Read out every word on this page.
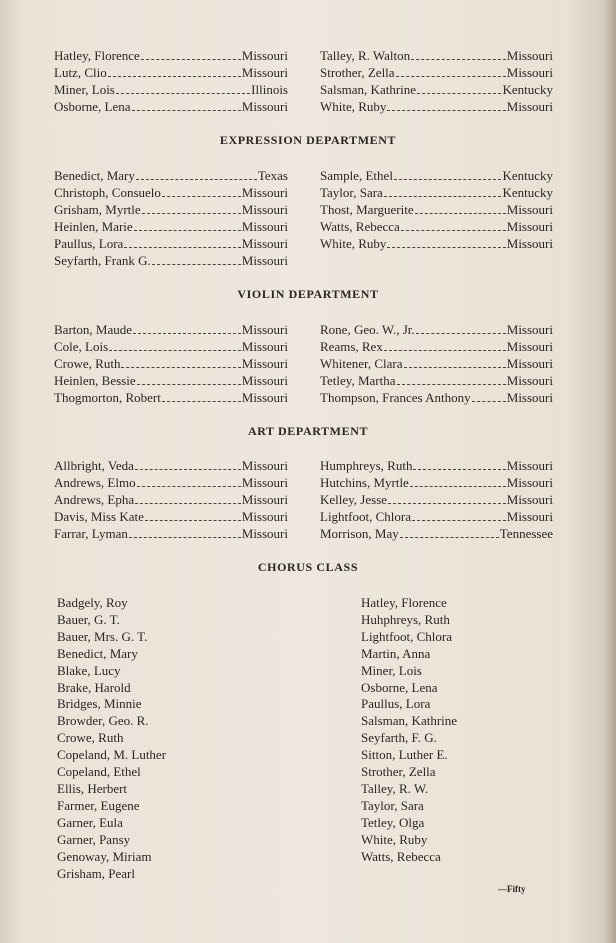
Hatley, Florence	Missouri
Lutz, Clio	Missouri
Miner, Lois	Illinois
Osborne, Lena	Missouri
Talley, R. Walton	Missouri
Strother, Zella	Missouri
Salsman, Kathrine	Kentucky
White, Ruby	Missouri
EXPRESSION DEPARTMENT
Benedict, Mary	Texas
Christoph, Consuelo	Missouri
Grisham, Myrtle	Missouri
Heinlen, Marie	Missouri
Paullus, Lora	Missouri
Seyfarth, Frank G.	Missouri
Sample, Ethel	Kentucky
Taylor, Sara	Kentucky
Thost, Marguerite	Missouri
Watts, Rebecca	Missouri
White, Ruby	Missouri
VIOLIN DEPARTMENT
Barton, Maude	Missouri
Cole, Lois	Missouri
Crowe, Ruth	Missouri
Heinlen, Bessie	Missouri
Thogmorton, Robert	Missouri
Rone, Geo. W., Jr.	Missouri
Reams, Rex	Missouri
Whitener, Clara	Missouri
Tetley, Martha	Missouri
Thompson, Frances Anthony	Missouri
ART DEPARTMENT
Allbright, Veda	Missouri
Andrews, Elmo	Missouri
Andrews, Epha	Missouri
Davis, Miss Kate	Missouri
Farrar, Lyman	Missouri
Humphreys, Ruth	Missouri
Hutchins, Myrtle	Missouri
Kelley, Jesse	Missouri
Lightfoot, Chlora	Missouri
Morrison, May	Tennessee
CHORUS CLASS
Badgely, Roy
Bauer, G. T.
Bauer, Mrs. G. T.
Benedict, Mary
Blake, Lucy
Brake, Harold
Bridges, Minnie
Browder, Geo. R.
Crowe, Ruth
Copeland, M. Luther
Copeland, Ethel
Ellis, Herbert
Farmer, Eugene
Garner, Eula
Garner, Pansy
Genoway, Miriam
Grisham, Pearl
Hatley, Florence
Huhphreys, Ruth
Lightfoot, Chlora
Martin, Anna
Miner, Lois
Osborne, Lena
Paullus, Lora
Salsman, Kathrine
Seyfarth, F. G.
Sitton, Luther E.
Strother, Zella
Talley, R. W.
Taylor, Sara
Tetley, Olga
White, Ruby
Watts, Rebecca
—Fifty
